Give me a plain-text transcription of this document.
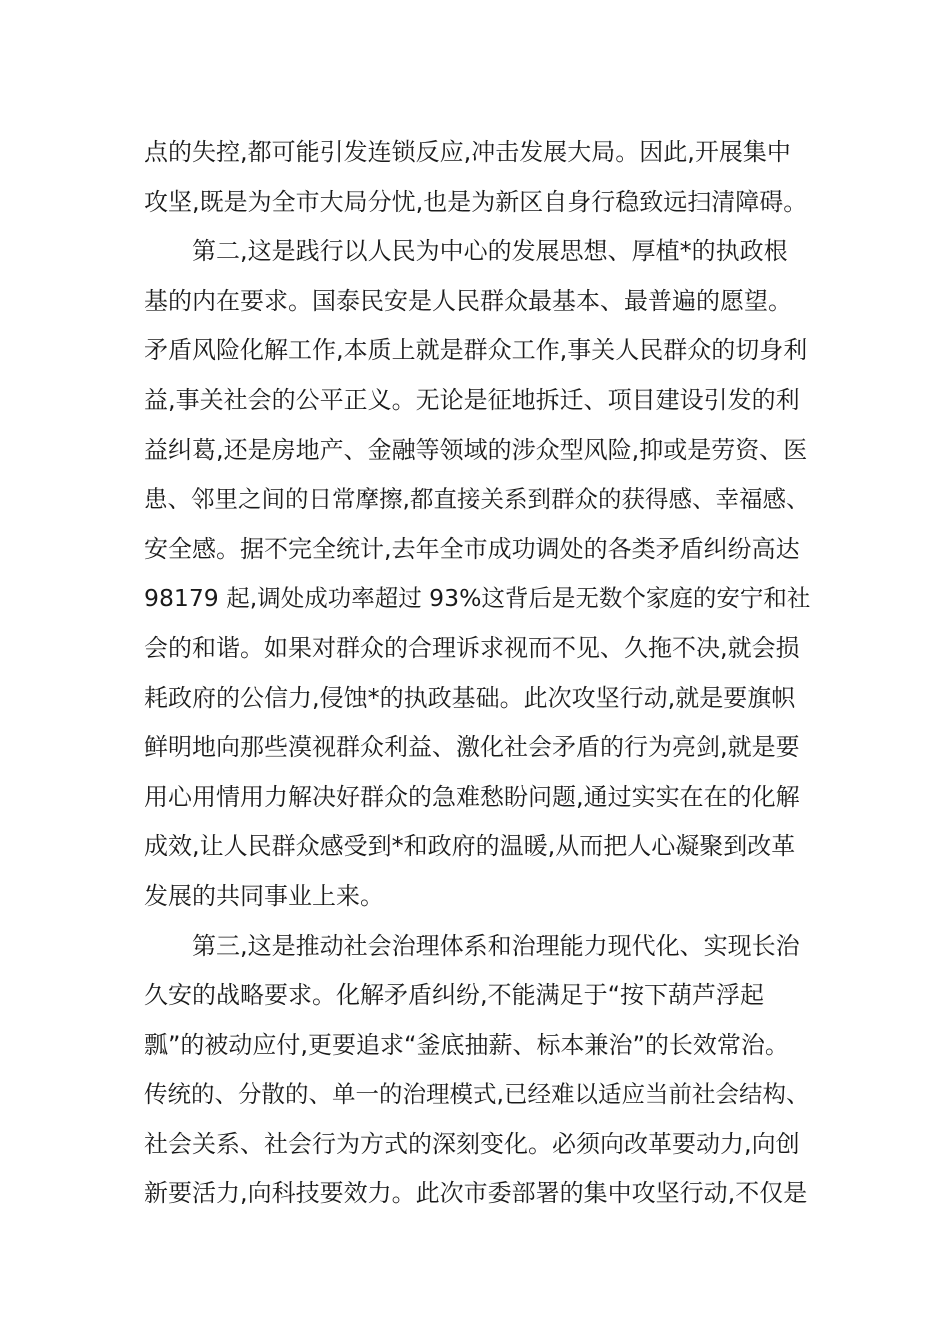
点的失控,都可能引发连锁反应,冲击发展大局。因此,开展集中
攻坚,既是为全市大局分忧,也是为新区自身行稳致远扫清障碍。
第二,这是践行以人民为中心的发展思想、厚植*的执政根
基的内在要求。国泰民安是人民群众最基本、最普遍的愿望。
矛盾风险化解工作,本质上就是群众工作,事关人民群众的切身利
益,事关社会的公平正义。无论是征地拆迁、项目建设引发的利
益纠葛,还是房地产、金融等领域的涉众型风险,抑或是劳资、医
患、邻里之间的日常摩擦,都直接关系到群众的获得感、幸福感、
安全感。据不完全统计,去年全市成功调处的各类矛盾纠纷高达
98179 起,调处成功率超过 93%这背后是无数个家庭的安宁和社
会的和谐。如果对群众的合理诉求视而不见、久拖不决,就会损
耗政府的公信力,侵蚀*的执政基础。此次攻坚行动,就是要旗帜
鲜明地向那些漠视群众利益、激化社会矛盾的行为亮剑,就是要
用心用情用力解决好群众的急难愁盼问题,通过实实在在的化解
成效,让人民群众感受到*和政府的温暖,从而把人心凝聚到改革
发展的共同事业上来。
第三,这是推动社会治理体系和治理能力现代化、实现长治
久安的战略要求。化解矛盾纠纷,不能满足于“按下葫芦浮起
瓢”的被动应付,更要追求“釜底抽薪、标本兼治”的长效常治。
传统的、分散的、单一的治理模式,已经难以适应当前社会结构、
社会关系、社会行为方式的深刻变化。必须向改革要动力,向创
新要活力,向科技要效力。此次市委部署的集中攻坚行动,不仅是
